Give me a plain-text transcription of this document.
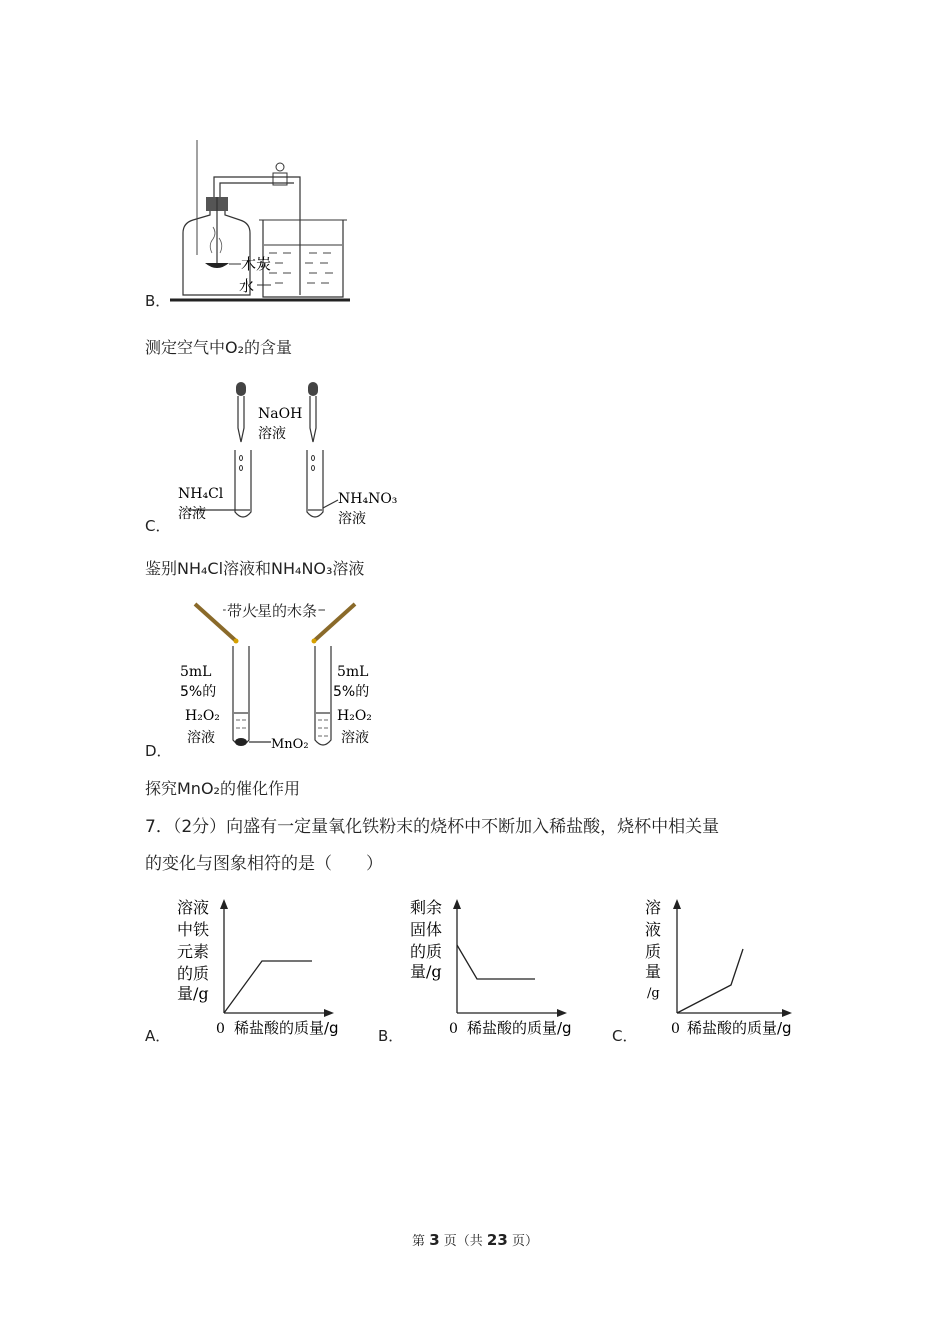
B．
木炭
水
测定空气中O₂的含量
C．
NaOH
溶液
NH₄Cl
溶液
NH₄NO₃
溶液
鉴别NH₄Cl溶液和NH₄NO₃溶液
D．
带火星的木条
5mL
5%的
H₂O₂
溶液	MnO₂
5mL
5%的
H₂O₂
溶液
探究MnO₂的催化作用
7．（2分）向盛有一定量氧化铁粉末的烧杯中不断加入稀盐酸，烧杯中相关量
的变化与图象相符的是（　　）
A．
溶液
中铁
元素
的质
量/g
0 稀盐酸的质量/g	B．
剩余
固体
的质
量/g
0 稀盐酸的质量/g	C．
溶
液
质
量
/g
0 稀盐酸的质量/g
第 3 页（共 23 页）
